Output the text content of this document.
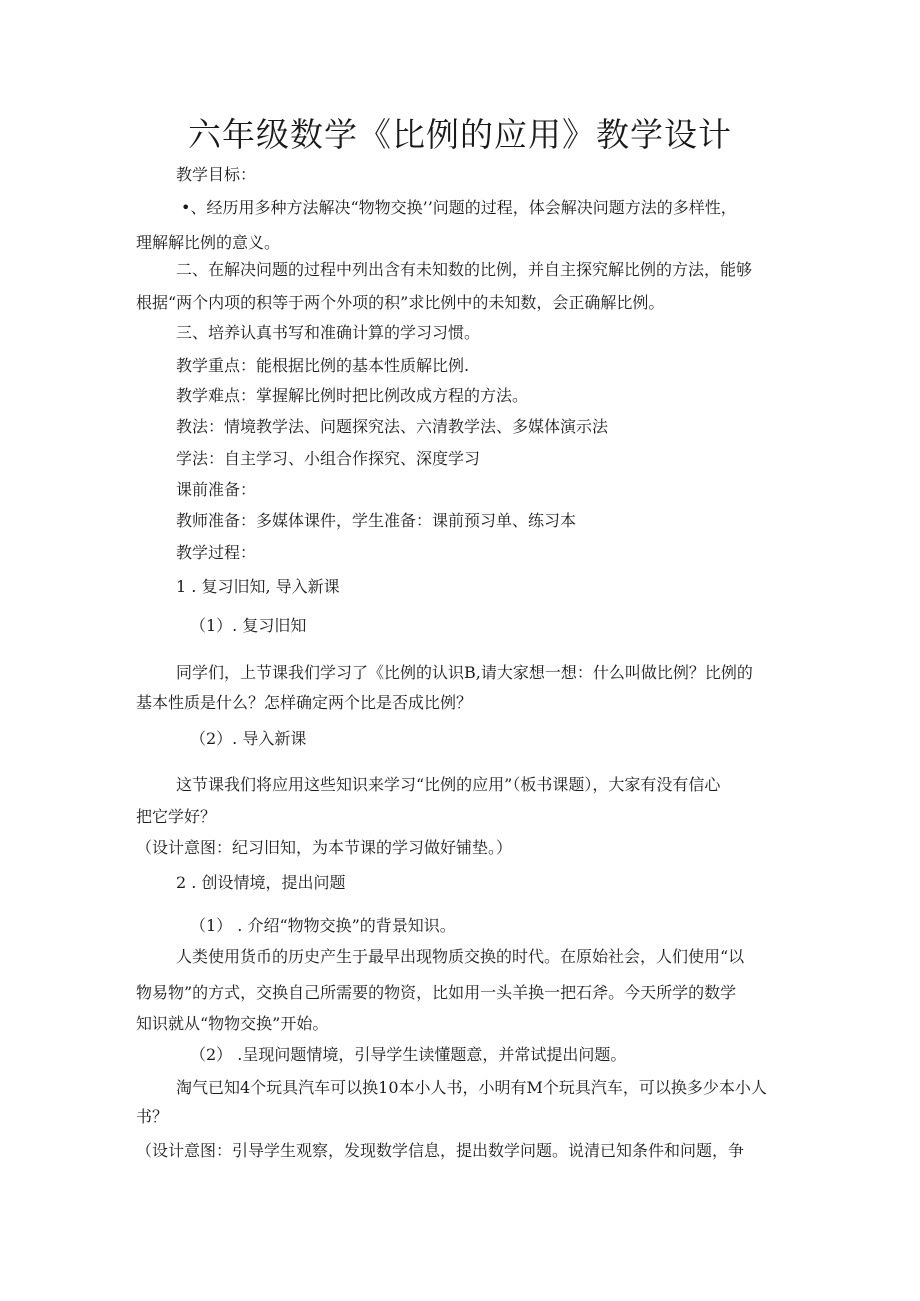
六年级数学《比例的应用》教学设计
教学目标：
•、经历用多种方法解决“物物交换’’问题的过程，体会解决问题方法的多样性，
理解解比例的意义。
二、在解决问题的过程中列出含有未知数的比例，并自主探究解比例的方法，能够
根据“两个内项的积等于两个外项的积”求比例中的未知数，会正确解比例。
三、培养认真书写和准确计算的学习习惯。
教学重点：能根据比例的基本性质解比例.
教学难点：掌握解比例时把比例改成方程的方法。
教法：情境教学法、问题探究法、六清教学法、多媒体演示法
学法：自主学习、小组合作探究、深度学习
课前准备：
教师准备：多媒体课件，学生准备：课前预习单、练习本
教学过程：
1 . 复习旧知, 导入新课
（1）. 复习旧知
同学们，上节课我们学习了《比例的认识B,请大家想一想：什么叫做比例？比例的
基本性质是什么？怎样确定两个比是否成比例？
（2）. 导入新课
这节课我们将应用这些知识来学习“比例的应用”（板书课题），大家有没有信心
把它学好？
（设计意图：纪习旧知，为本节课的学习做好铺垫。）
2 . 创设情境，提出问题
（1） . 介绍“物物交换”的背景知识。
人类使用货币的历史产生于最早出现物质交换的时代。在原始社会，人们使用“以
物易物”的方式，交换自己所需要的物资，比如用一头羊换一把石斧。今天所学的数学
知识就从“物物交换”开始。
（2） .呈现问题情境，引导学生读懂题意，并常试提出问题。
淘气已知4个玩具汽车可以换10本小人书，小明有M个玩具汽车，可以换多少本小人
书？
（设计意图：引导学生观察，发现数学信息，提出数学问题。说清已知条件和问题，争
